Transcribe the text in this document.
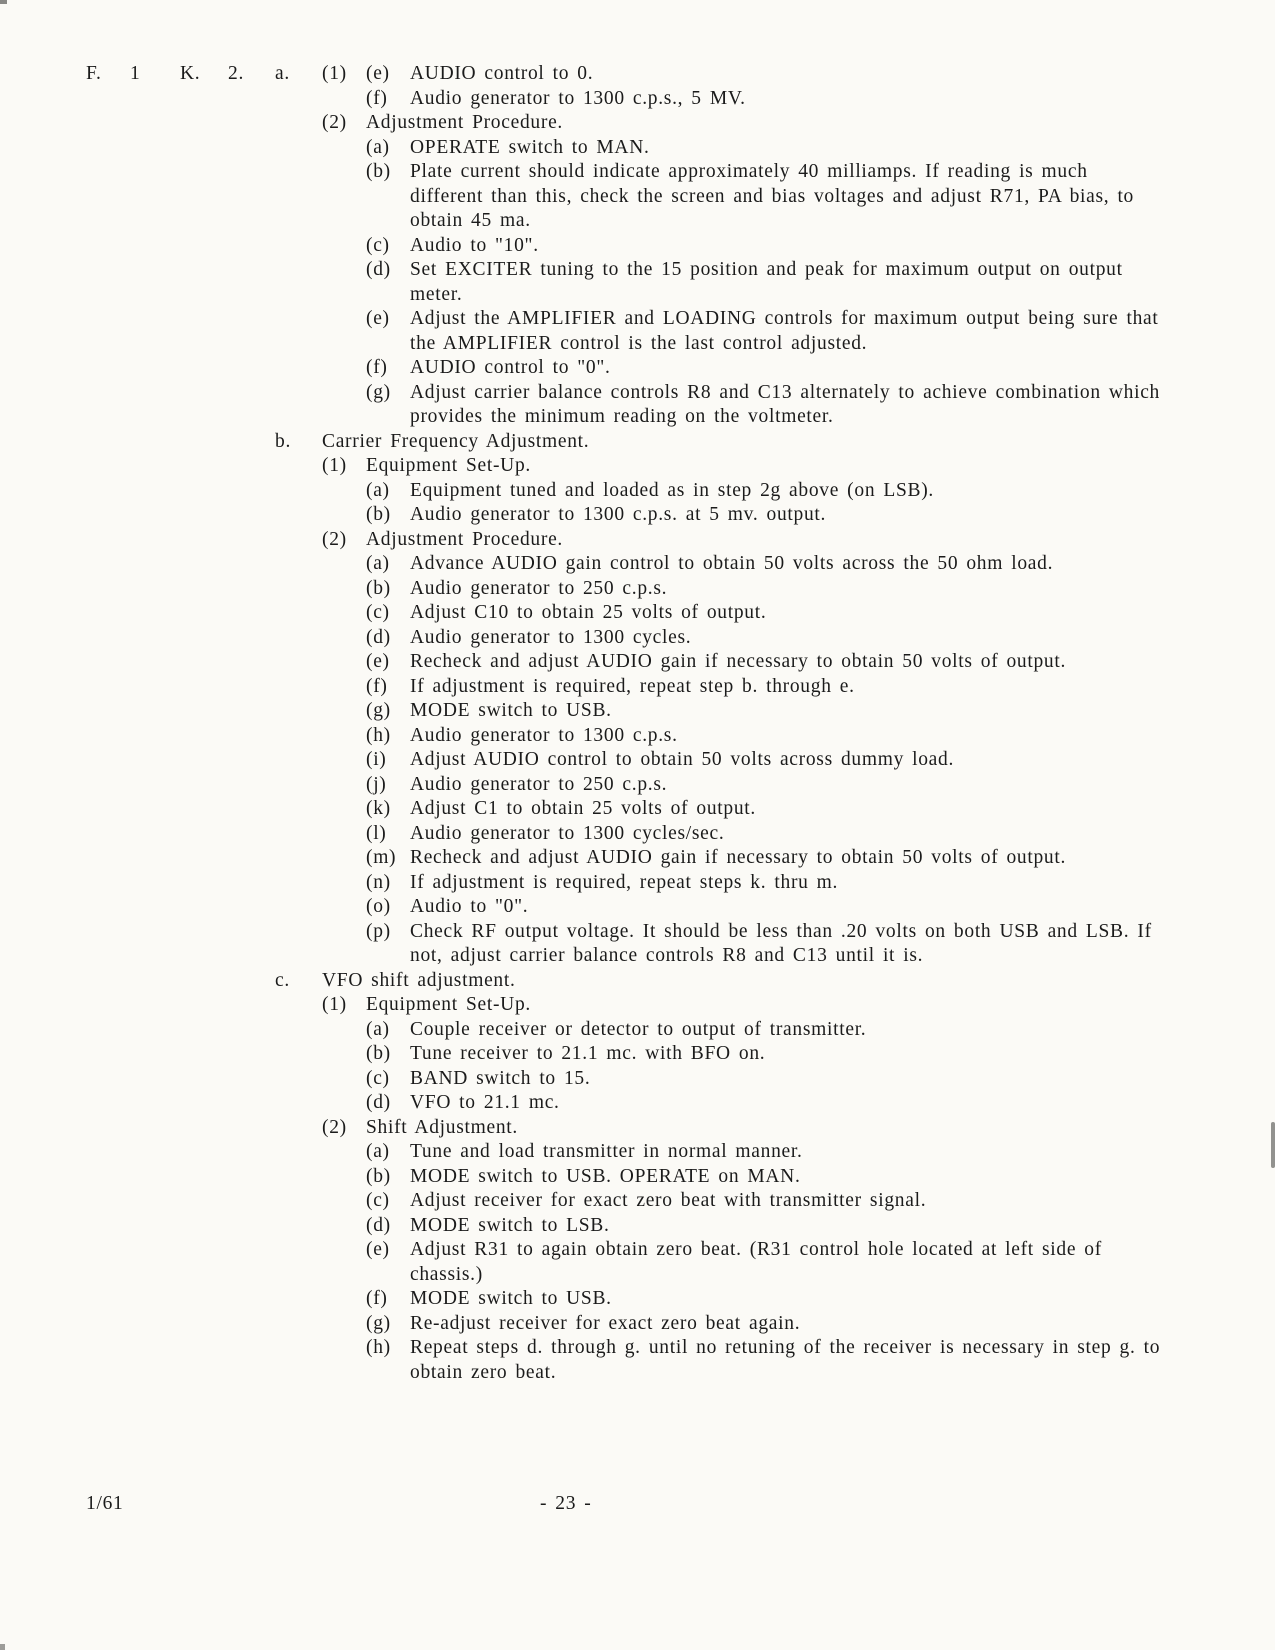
F.	1	K.	2.	a.	(1) (e)	AUDIO control to 0.
(f)	Audio generator to 1300 c.p.s., 5 MV.
(2) Adjustment Procedure.
(a)	OPERATE switch to MAN.
(b) Plate current should indicate approximately 40 milliamps. If reading is much different than this, check the screen and bias voltages and adjust R71, PA bias, to obtain 45 ma.
(c)	Audio to "10".
(d) Set EXCITER tuning to the 15 position and peak for maximum output on output meter.
(e)	Adjust the AMPLIFIER and LOADING controls for maximum output being sure that the AMPLIFIER control is the last control adjusted.
(f)	AUDIO control to "0".
(g) Adjust carrier balance controls R8 and C13 alternately to achieve combination which provides the minimum reading on the voltmeter.
b.	Carrier Frequency Adjustment.
(1) Equipment Set-Up.
(a)	Equipment tuned and loaded as in step 2g above (on LSB).
(b) Audio generator to 1300 c.p.s. at 5 mv. output.
(2) Adjustment Procedure.
(a)	Advance AUDIO gain control to obtain 50 volts across the 50 ohm load.
(b) Audio generator to 250 c.p.s.
(c)	Adjust C10 to obtain 25 volts of output.
(d) Audio generator to 1300 cycles.
(e)	Recheck and adjust AUDIO gain if necessary to obtain 50 volts of output.
(f)	If adjustment is required, repeat step b. through e.
(g) MODE switch to USB.
(h) Audio generator to 1300 c.p.s.
(i)	Adjust AUDIO control to obtain 50 volts across dummy load.
(j)	Audio generator to 250 c.p.s.
(k) Adjust C1 to obtain 25 volts of output.
(l)	Audio generator to 1300 cycles/sec.
(m) Recheck and adjust AUDIO gain if necessary to obtain 50 volts of output.
(n) If adjustment is required, repeat steps k. thru m.
(o) Audio to "0".
(p) Check RF output voltage. It should be less than .20 volts on both USB and LSB. If not, adjust carrier balance controls R8 and C13 until it is.
c.	VFO shift adjustment.
(1) Equipment Set-Up.
(a)	Couple receiver or detector to output of transmitter.
(b) Tune receiver to 21.1 mc. with BFO on.
(c)	BAND switch to 15.
(d) VFO to 21.1 mc.
(2) Shift Adjustment.
(a)	Tune and load transmitter in normal manner.
(b) MODE switch to USB. OPERATE on MAN.
(c)	Adjust receiver for exact zero beat with transmitter signal.
(d) MODE switch to LSB.
(e)	Adjust R31 to again obtain zero beat. (R31 control hole located at left side of chassis.)
(f)	MODE switch to USB.
(g) Re-adjust receiver for exact zero beat again.
(h) Repeat steps d. through g. until no retuning of the receiver is necessary in step g. to obtain zero beat.
1/61	- 23 -
